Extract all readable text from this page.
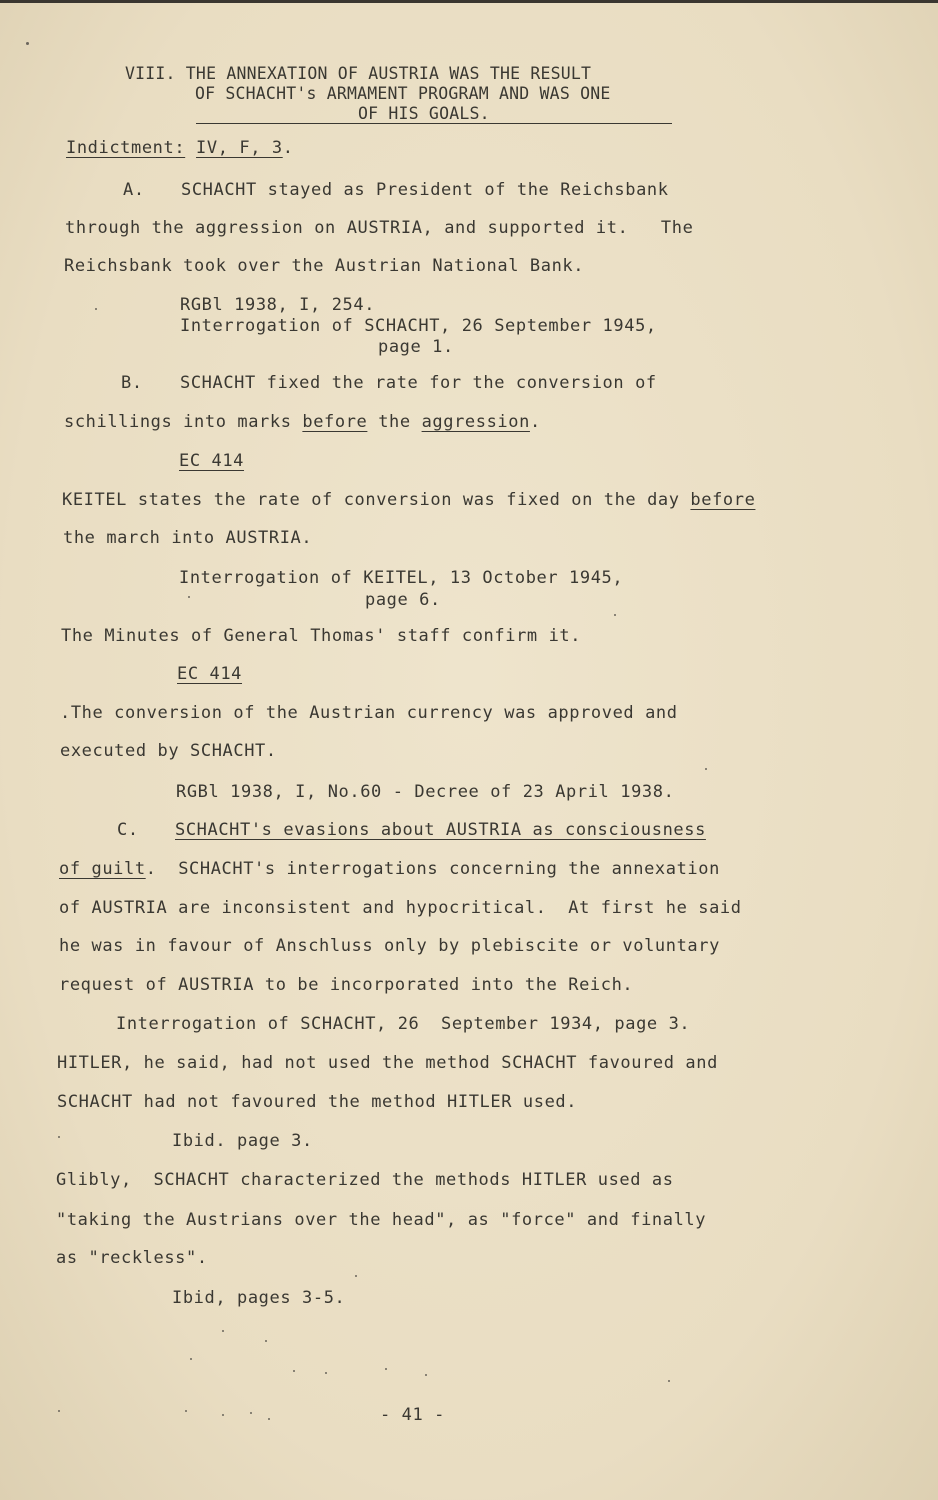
VIII. THE ANNEXATION OF AUSTRIA WAS THE RESULT
OF SCHACHT's ARMAMENT PROGRAM AND WAS ONE
OF HIS GOALS.
Indictment: IV, F, 3.
A. SCHACHT stayed as President of the Reichsbank
through the aggression on AUSTRIA, and supported it.   The
Reichsbank took over the Austrian National Bank.
RGBl 1938, I, 254.
Interrogation of SCHACHT, 26 September 1945,
page 1.
B. SCHACHT fixed the rate for the conversion of
schillings into marks before the aggression.
EC 414
KEITEL states the rate of conversion was fixed on the day before
the march into AUSTRIA.
Interrogation of KEITEL, 13 October 1945,
page 6.
The Minutes of General Thomas' staff confirm it.
EC 414
.The conversion of the Austrian currency was approved and
executed by SCHACHT.
RGBl 1938, I, No.60 - Decree of 23 April 1938.
C. SCHACHT's evasions about AUSTRIA as consciousness
of guilt.  SCHACHT's interrogations concerning the annexation
of AUSTRIA are inconsistent and hypocritical.  At first he said
he was in favour of Anschluss only by plebiscite or voluntary
request of AUSTRIA to be incorporated into the Reich.
Interrogation of SCHACHT, 26  September 1934, page 3.
HITLER, he said, had not used the method SCHACHT favoured and
SCHACHT had not favoured the method HITLER used.
Ibid. page 3.
Glibly,  SCHACHT characterized the methods HITLER used as
"taking the Austrians over the head", as "force" and finally
as "reckless".
Ibid, pages 3-5.
- 41 -
